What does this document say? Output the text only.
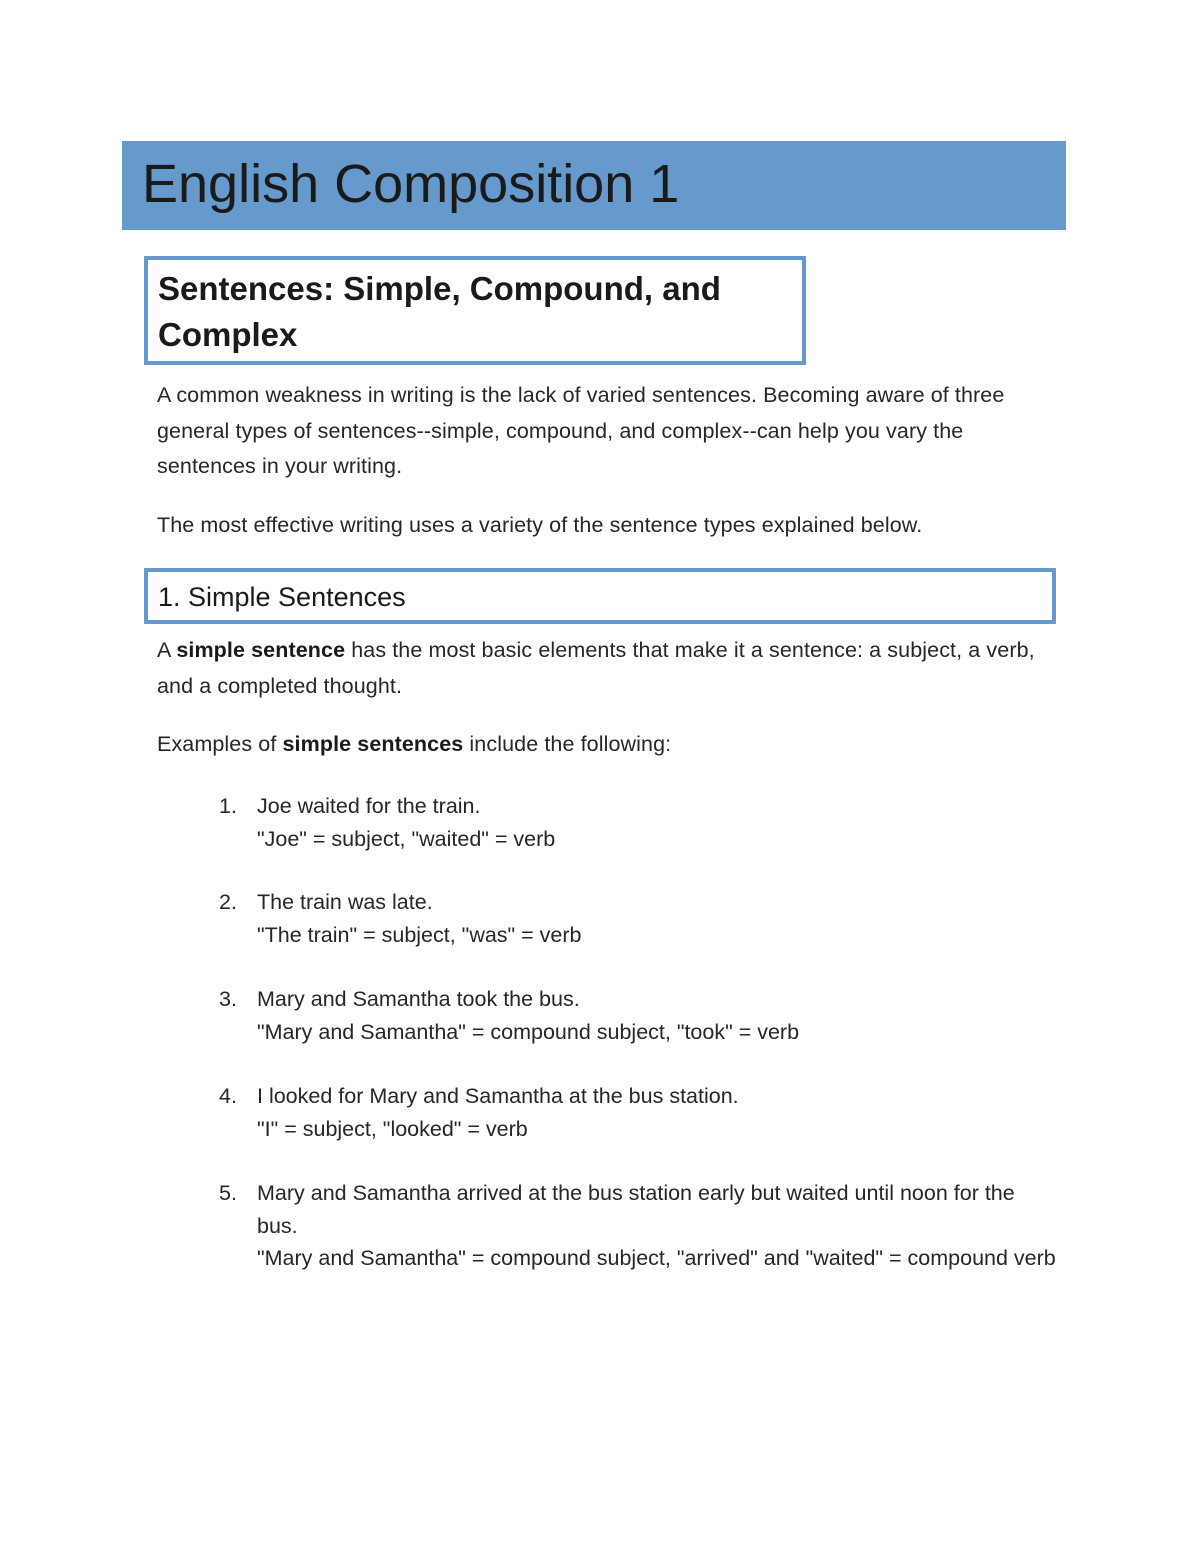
English Composition 1
Sentences: Simple, Compound, and Complex
A common weakness in writing is the lack of varied sentences. Becoming aware of three general types of sentences--simple, compound, and complex--can help you vary the sentences in your writing.
The most effective writing uses a variety of the sentence types explained below.
1. Simple Sentences
A simple sentence has the most basic elements that make it a sentence: a subject, a verb, and a completed thought.
Examples of simple sentences include the following:
1. Joe waited for the train.
"Joe" = subject, "waited" = verb
2. The train was late.
"The train" = subject, "was" = verb
3. Mary and Samantha took the bus.
"Mary and Samantha" = compound subject, "took" = verb
4. I looked for Mary and Samantha at the bus station.
"I" = subject, "looked" = verb
5. Mary and Samantha arrived at the bus station early but waited until noon for the bus.
"Mary and Samantha" = compound subject, "arrived" and "waited" = compound verb
